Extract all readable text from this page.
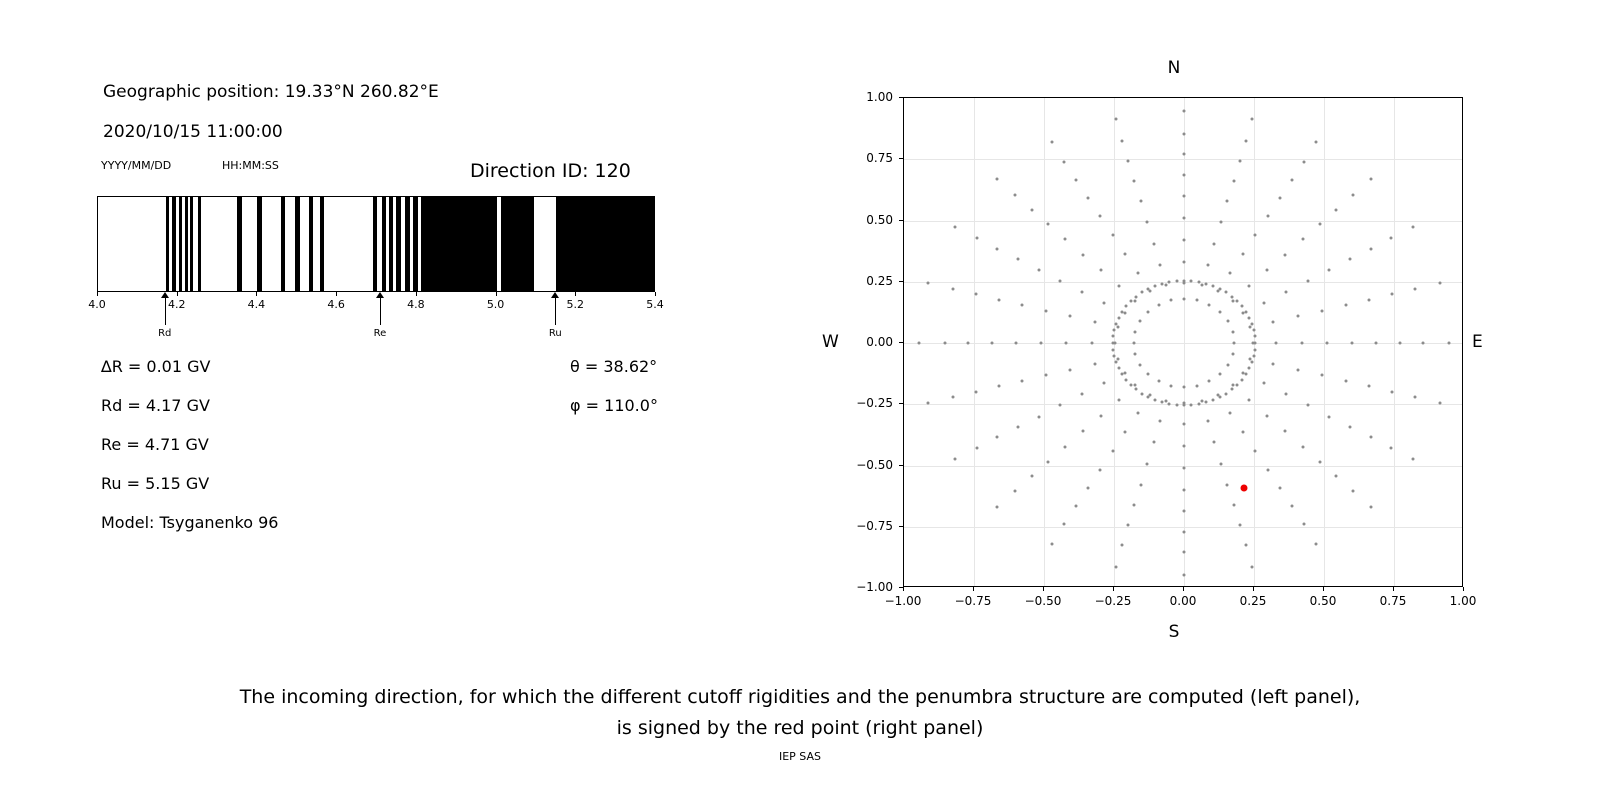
Geographic position: 19.33°N 260.82°E
2020/10/15 11:00:00
YYYY/MM/DD	HH:MM:SS	Direction ID: 120
4.0	4.2	4.4	4.6	4.8	5.0	5.2	5.4
Rd	Re	Ru
∆R = 0.01 GV
Rd = 4.17 GV
Re = 4.71 GV
Ru = 5.15 GV
Model: Tsyganenko 96
θ = 38.62°
φ = 110.0°
N
S
W	E
−1.00
−0.75
−0.50
−0.25
0.00
0.25
0.50
0.75
1.00
−1.00	−0.75	−0.50	−0.25	0.00	0.25	0.50	0.75	1.00
The incoming direction, for which the different cutoff rigidities and the penumbra structure are computed (left panel),
is signed by the red point (right panel)
IEP SAS
